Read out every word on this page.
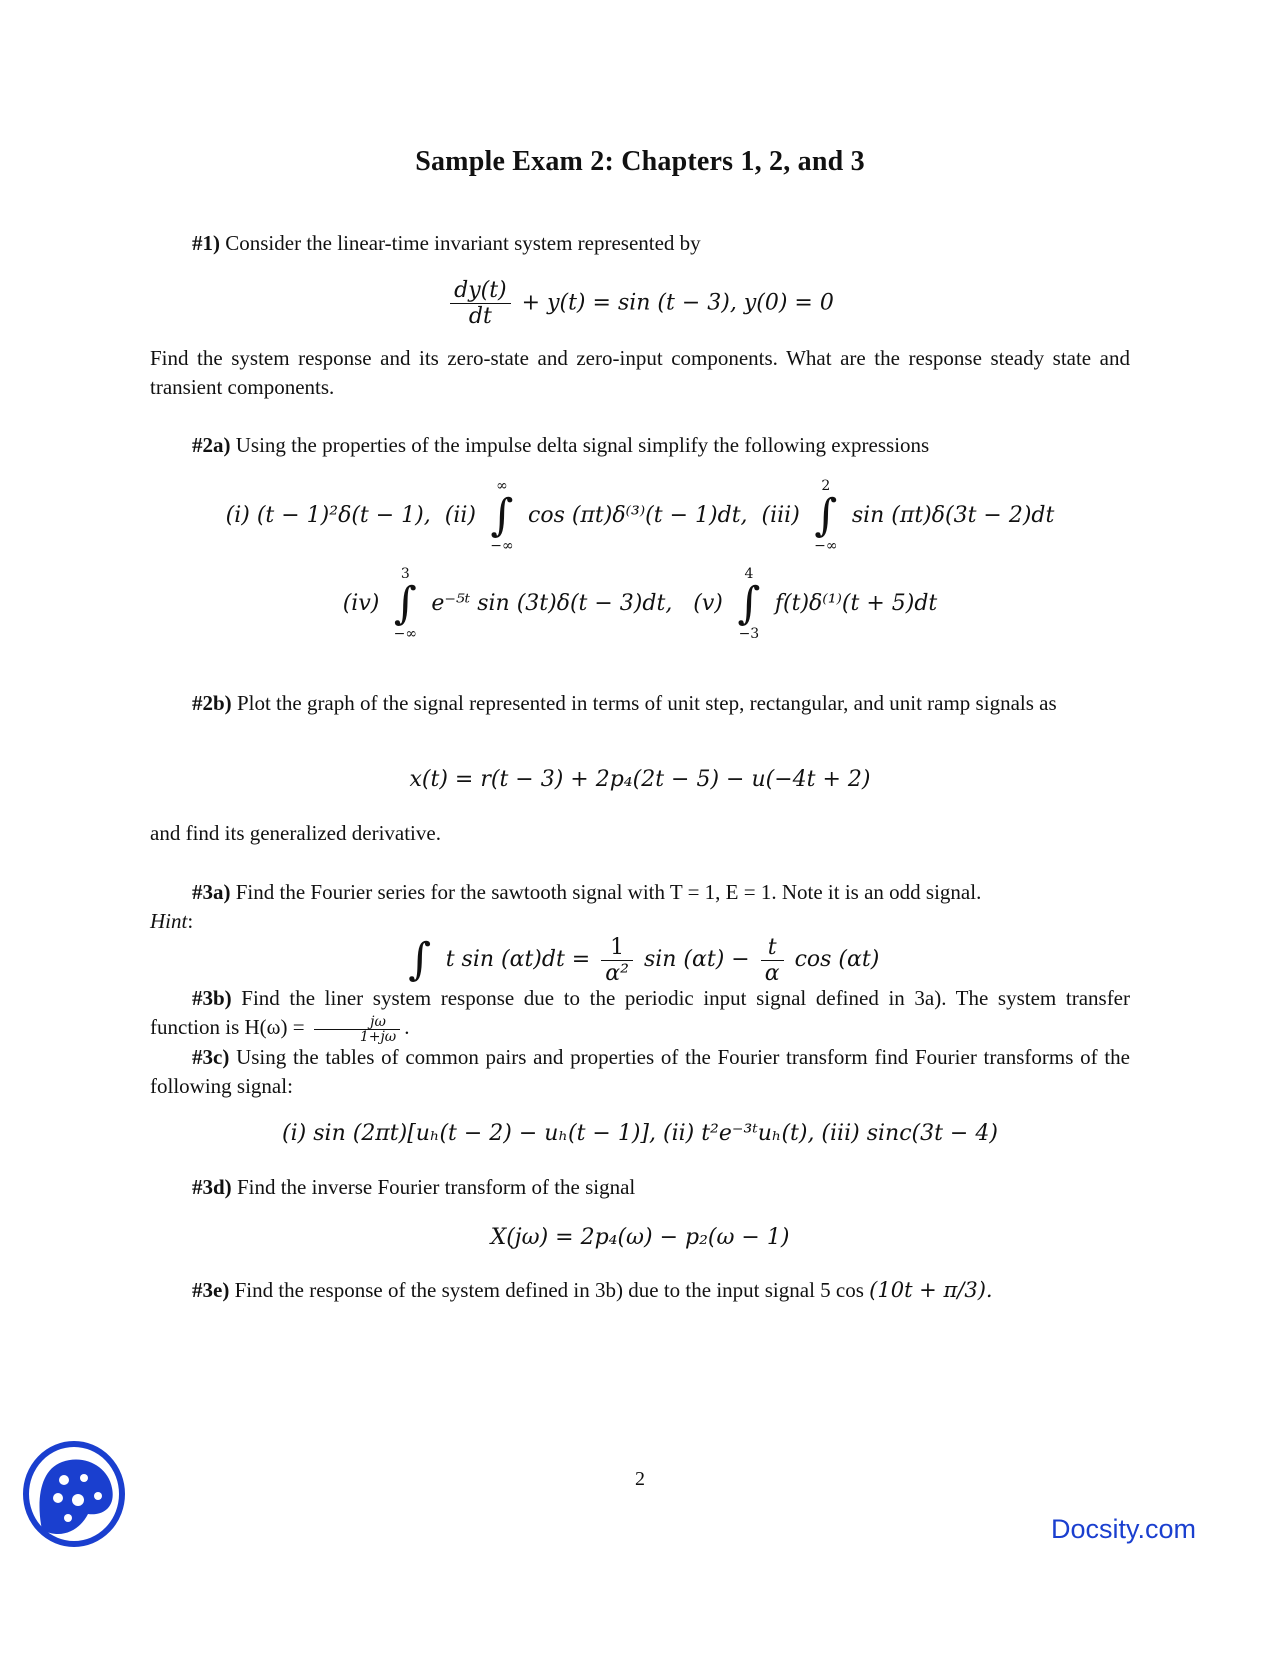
Sample Exam 2: Chapters 1, 2, and 3
#1) Consider the linear-time invariant system represented by
$\frac{dy(t)}{dt} + y(t) = \sin (t - 3)$, y(0) = 0
Find the system response and its zero-state and zero-input components. What are the response steady state and transient components.
#2a) Using the properties of the impulse delta signal simplify the following expressions
(i) (t − 1)²δ(t − 1), (ii)
∞
∫
−∞
cos (πt)δ⁽³⁾(t − 1)dt, (iii)
2
∫
−∞
sin (πt)δ(3t − 2)dt
(iv)
3
∫
−∞
e⁻⁵ᵗ sin (3t)δ(t − 3)dt, (v)
4
∫
−3
f(t)δ⁽¹⁾(t + 5)dt
#2b) Plot the graph of the signal represented in terms of unit step, rectangular, and unit ramp signals as
x(t) = r(t − 3) + 2p₄(2t − 5) − u(−4t + 2)
and find its generalized derivative.
#3a) Find the Fourier series for the sawtooth signal with T = 1, E = 1. Note it is an odd signal.
Hint:

∫
t $\sin (\alpha t)dt = \frac{1}{\text{α²}}$ $\sin (\alpha t) - \frac{t}{\alpha}$ cos (αt)
#3b) Find the liner system response due to the periodic input signal defined in 3a). The system transfer function is $H(\omega) = \frac{j\omega}{1+j\omega}$ .
#3c) Using the tables of common pairs and properties of the Fourier transform find Fourier transforms of the following signal:
(i) sin (2πt)[uₕ(t − 2) − uₕ(t − 1)], (ii) t²e⁻³ᵗuₕ(t), (iii) sinc(3t − 4)
#3d) Find the inverse Fourier transform of the signal
X(jω) = 2p₄(ω) − p₂(ω − 1)
#3e) Find the response of the system defined in 3b) due to the input signal 5 cos (10t + π/3).
2
Docsity.com
